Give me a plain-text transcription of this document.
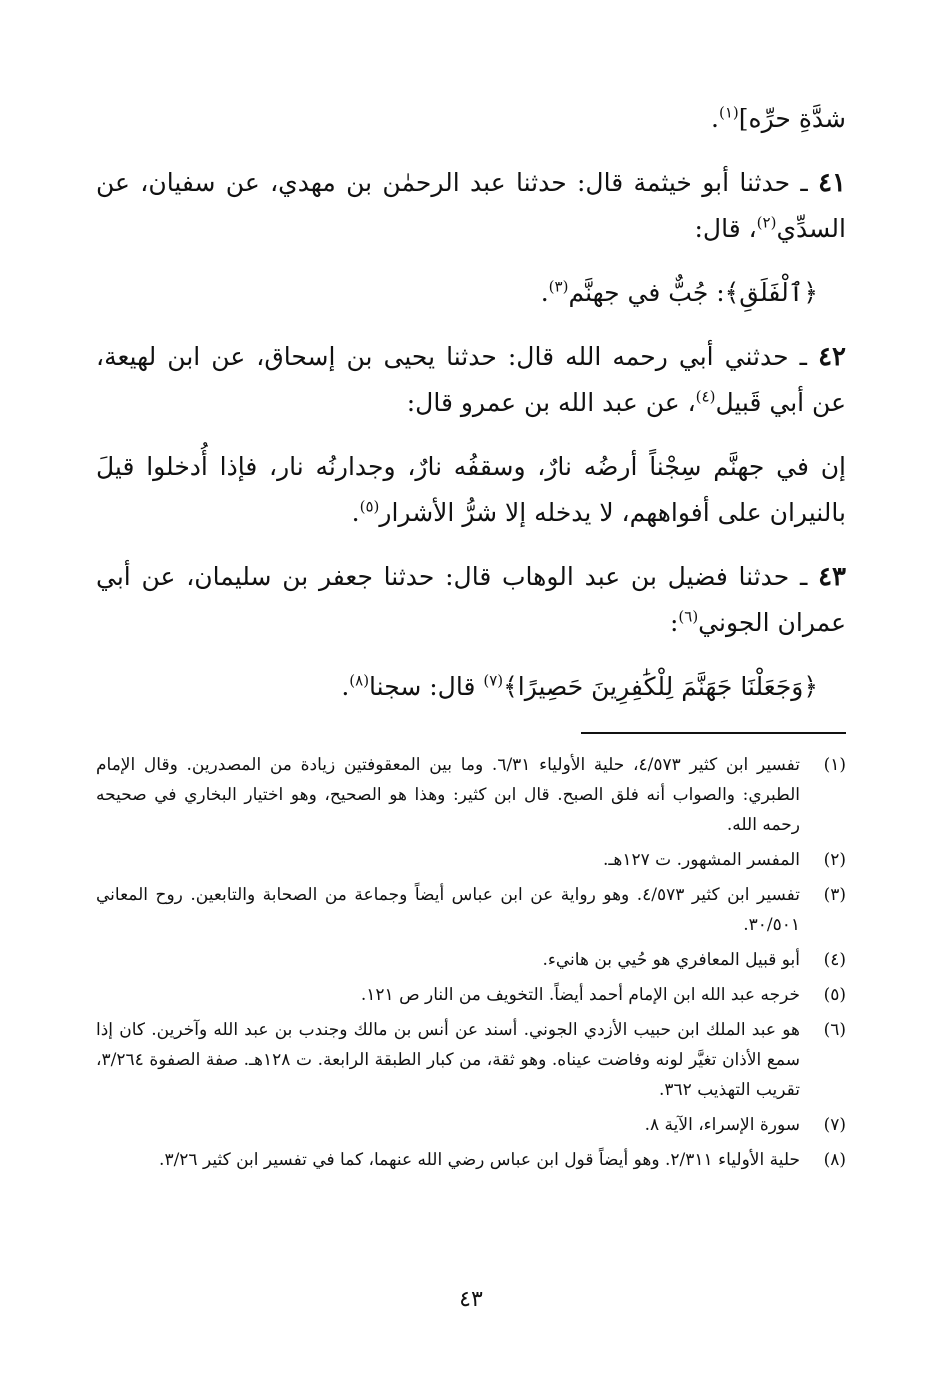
شدَّةِ حرِّه]$^{(١)}$.

٤١ ـ حدثنا أبو خيثمة قال: حدثنا عبد الرحمٰن بن مهدي، عن سفيان، عن السدِّي$^{(٢)}$، قال:

﴿ٱلْفَلَقِ﴾: جُبٌّ في جهنَّم$^{(٣)}$.

٤٢ ـ حدثني أبي رحمه الله قال: حدثنا يحيى بن إسحاق، عن ابن لهيعة، عن أبي قَبيل$^{(٤)}$، عن عبد الله بن عمرو قال:

إن في جهنَّم سِجْناً أرضُه نارٌ، وسقفُه نارٌ، وجدارنُه نار، فإذا أُدخلوا قيلَ بالنيران على أفواههم، لا يدخله إلا شرُّ الأشرار$^{(٥)}$.

٤٣ ـ حدثنا فضيل بن عبد الوهاب قال: حدثنا جعفر بن سليمان، عن أبي عمران الجوني$^{(٦)}$:

﴿وَجَعَلْنَا جَهَنَّمَ لِلْكَٰفِرِينَ حَصِيرًا﴾$^{(٧)}$ قال: سجنا$^{(٨)}$.

(١)
تفسير ابن كثير ٤/٥٧٣، حلية الأولياء ٦/٣١. وما بين المعقوفتين زيادة من المصدرين. وقال الإمام الطبري: والصواب أنه فلق الصبح. قال ابن كثير: وهذا هو الصحيح، وهو اختيار البخاري في صحيحه رحمه الله.
(٢)
المفسر المشهور. ت ١٢٧هـ.
(٣)
تفسير ابن كثير ٤/٥٧٣. وهو رواية عن ابن عباس أيضاً وجماعة من الصحابة والتابعين. روح المعاني ٣٠/٥٠١.
(٤)
أبو قبيل المعافري هو حُيي بن هانيء.
(٥)
خرجه عبد الله ابن الإمام أحمد أيضاً. التخويف من النار ص ١٢١.
(٦)
هو عبد الملك ابن حبيب الأزدي الجوني. أسند عن أنس بن مالك وجندب بن عبد الله وآخرين. كان إذا سمع الأذان تغيَّر لونه وفاضت عيناه. وهو ثقة، من كبار الطبقة الرابعة. ت ١٢٨هـ. صفة الصفوة ٣/٢٦٤، تقريب التهذيب ٣٦٢.
(٧)
سورة الإسراء، الآية ٨.
(٨)
حلية الأولياء ٢/٣١١. وهو أيضاً قول ابن عباس رضي الله عنهما، كما في تفسير ابن كثير ٣/٢٦.
٤٣
